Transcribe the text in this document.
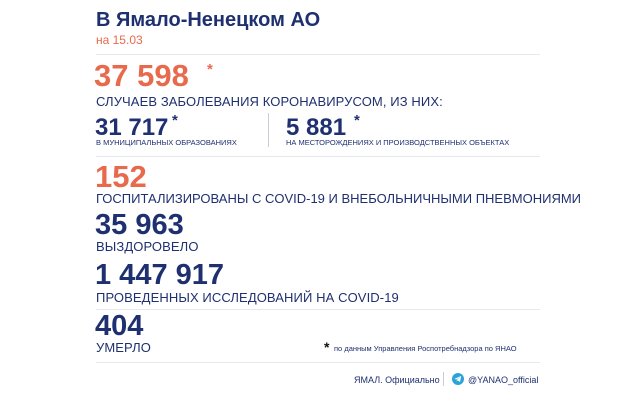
В Ямало-Ненецком АО
на 15.03
37 598 *
СЛУЧАЕВ ЗАБОЛЕВАНИЯ КОРОНАВИРУСОМ, ИЗ НИХ:
31 717 *
В МУНИЦИПАЛЬНЫХ ОБРАЗОВАНИЯХ
5 881 *
НА МЕСТОРОЖДЕНИЯХ И ПРОИЗВОДСТВЕННЫХ ОБЪЕКТАХ
152
ГОСПИТАЛИЗИРОВАНЫ С COVID-19 И ВНЕБОЛЬНИЧНЫМИ ПНЕВМОНИЯМИ
35 963
ВЫЗДОРОВЕЛО
1 447 917
ПРОВЕДЕННЫХ ИССЛЕДОВАНИЙ НА COVID-19
404
УМЕРЛО	* по данным Управления Роспотребнадзора по ЯНАО
ЯМАЛ. Официально	@YANAO_official
